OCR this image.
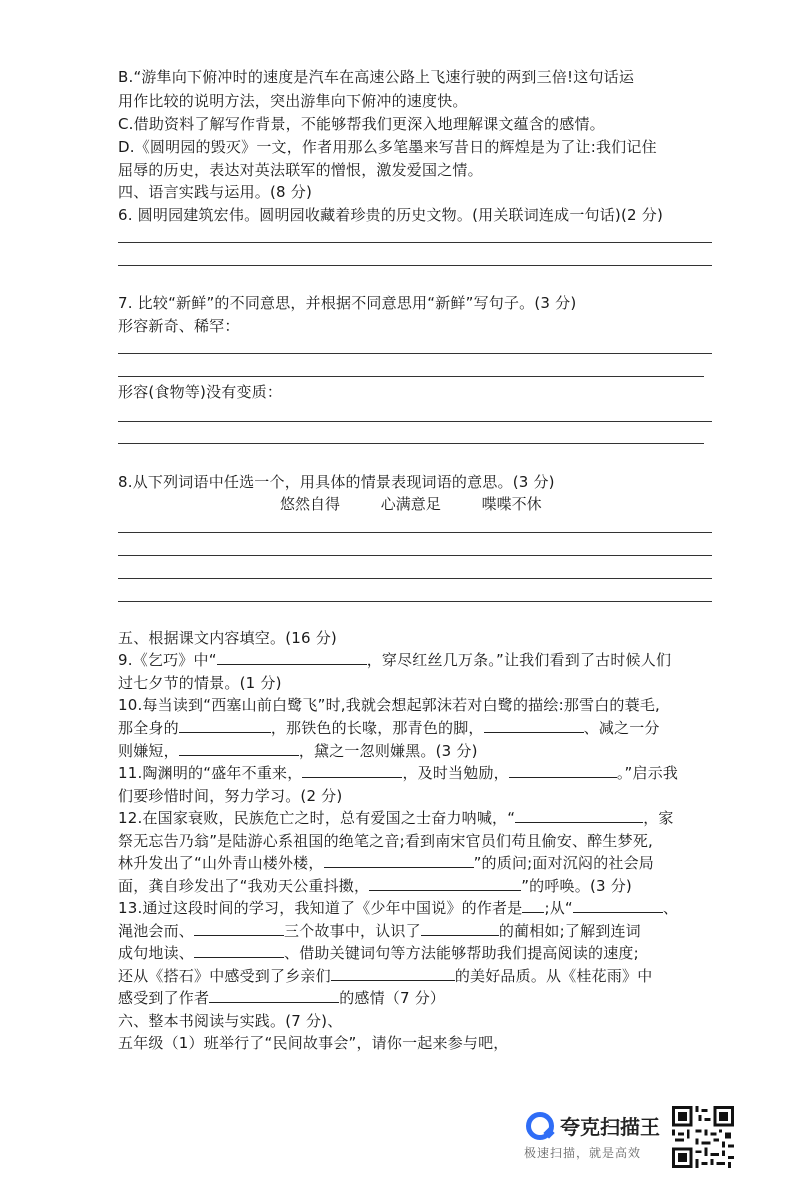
B.“游隼向下俯冲时的速度是汽车在高速公路上飞速行驶的两到三倍!这句话运
用作比较的说明方法，突出游隼向下俯冲的速度快。
C.借助资料了解写作背景，不能够帮我们更深入地理解课文蕴含的感情。
D.《圆明园的毁灭》一文，作者用那么多笔墨来写昔日的辉煌是为了让:我们记住
屈辱的历史，表达对英法联军的憎恨，激发爱国之情。
四、语言实践与运用。(8 分)
6. 圆明园建筑宏伟。圆明园收藏着珍贵的历史文物。(用关联词连成一句话)(2 分)
7. 比较“新鲜”的不同意思，并根据不同意思用“新鲜”写句子。(3 分)
形容新奇、稀罕：
形容(食物等)没有变质：
8.从下列词语中任选一个，用具体的情景表现词语的意思。(3 分)
悠然自得	心满意足	喋喋不休
五、根据课文内容填空。(16 分)
9.《乞巧》中“	，穿尽红丝几万条。”让我们看到了古时候人们
过七夕节的情景。(1 分)
10.每当读到“西塞山前白鹭飞”时,我就会想起郭沫若对白鹭的描绘:那雪白的蓑毛,
那全身的	，那铁色的长喙，那青色的脚，	、减之一分
则嫌短，	，黛之一忽则嫌黑。(3 分)
11.陶渊明的“盛年不重来，	，及时当勉励，	。”启示我
们要珍惜时间，努力学习。(2 分)
12.在国家衰败，民族危亡之时，总有爱国之士奋力呐喊，“	，家
祭无忘告乃翁”是陆游心系祖国的绝笔之音;看到南宋官员们苟且偷安、醉生梦死,
林升发出了“山外青山楼外楼，	”的质问;面对沉闷的社会局
面，龚自珍发出了“我劝天公重抖擞，	”的呼唤。(3 分)
13.通过这段时间的学习，我知道了《少年中国说》的作者是 ;从“	、
渑池会而、	三个故事中，认识了	的蔺相如;了解到连词
成句地读、	、借助关键词句等方法能够帮助我们提高阅读的速度;
还从《搭石》中感受到了乡亲们	的美好品质。从《桂花雨》中
感受到了作者	的感情（7 分）
六、整本书阅读与实践。(7 分)、
五年级（1）班举行了“民间故事会”，请你一起来参与吧，
夸克扫描王
极速扫描，就是高效
